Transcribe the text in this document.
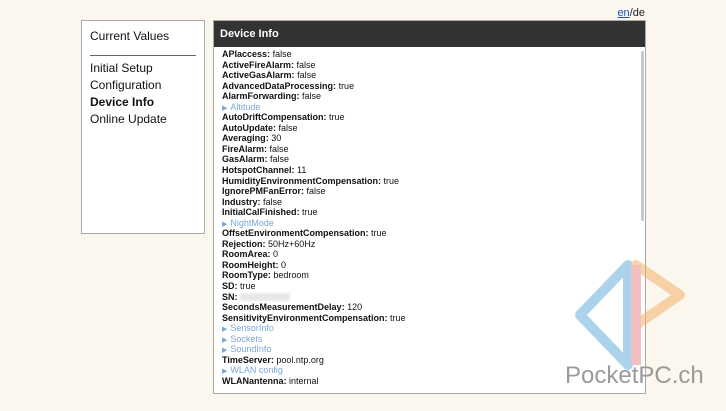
en/de
Current Values
Initial Setup
Configuration
Device Info
Online Update
Device Info
APIaccess: false
ActiveFireAlarm: false
ActiveGasAlarm: false
AdvancedDataProcessing: true
AlarmForwarding: false
▶ Altitude
AutoDriftCompensation: true
AutoUpdate: false
Averaging: 30
FireAlarm: false
GasAlarm: false
HotspotChannel: 11
HumidityEnvironmentCompensation: true
IgnorePMFanError: false
Industry: false
InitialCalFinished: true
▶ NightMode
OffsetEnvironmentCompensation: true
Rejection: 50Hz+60Hz
RoomArea: 0
RoomHeight: 0
RoomType: bedroom
SD: true
SN:
SecondsMeasurementDelay: 120
SensitivityEnvironmentCompensation: true
▶ SensorInfo
▶ Sockets
▶ SoundInfo
TimeServer: pool.ntp.org
▶ WLAN config
WLANantenna: internal	PocketPC.ch
